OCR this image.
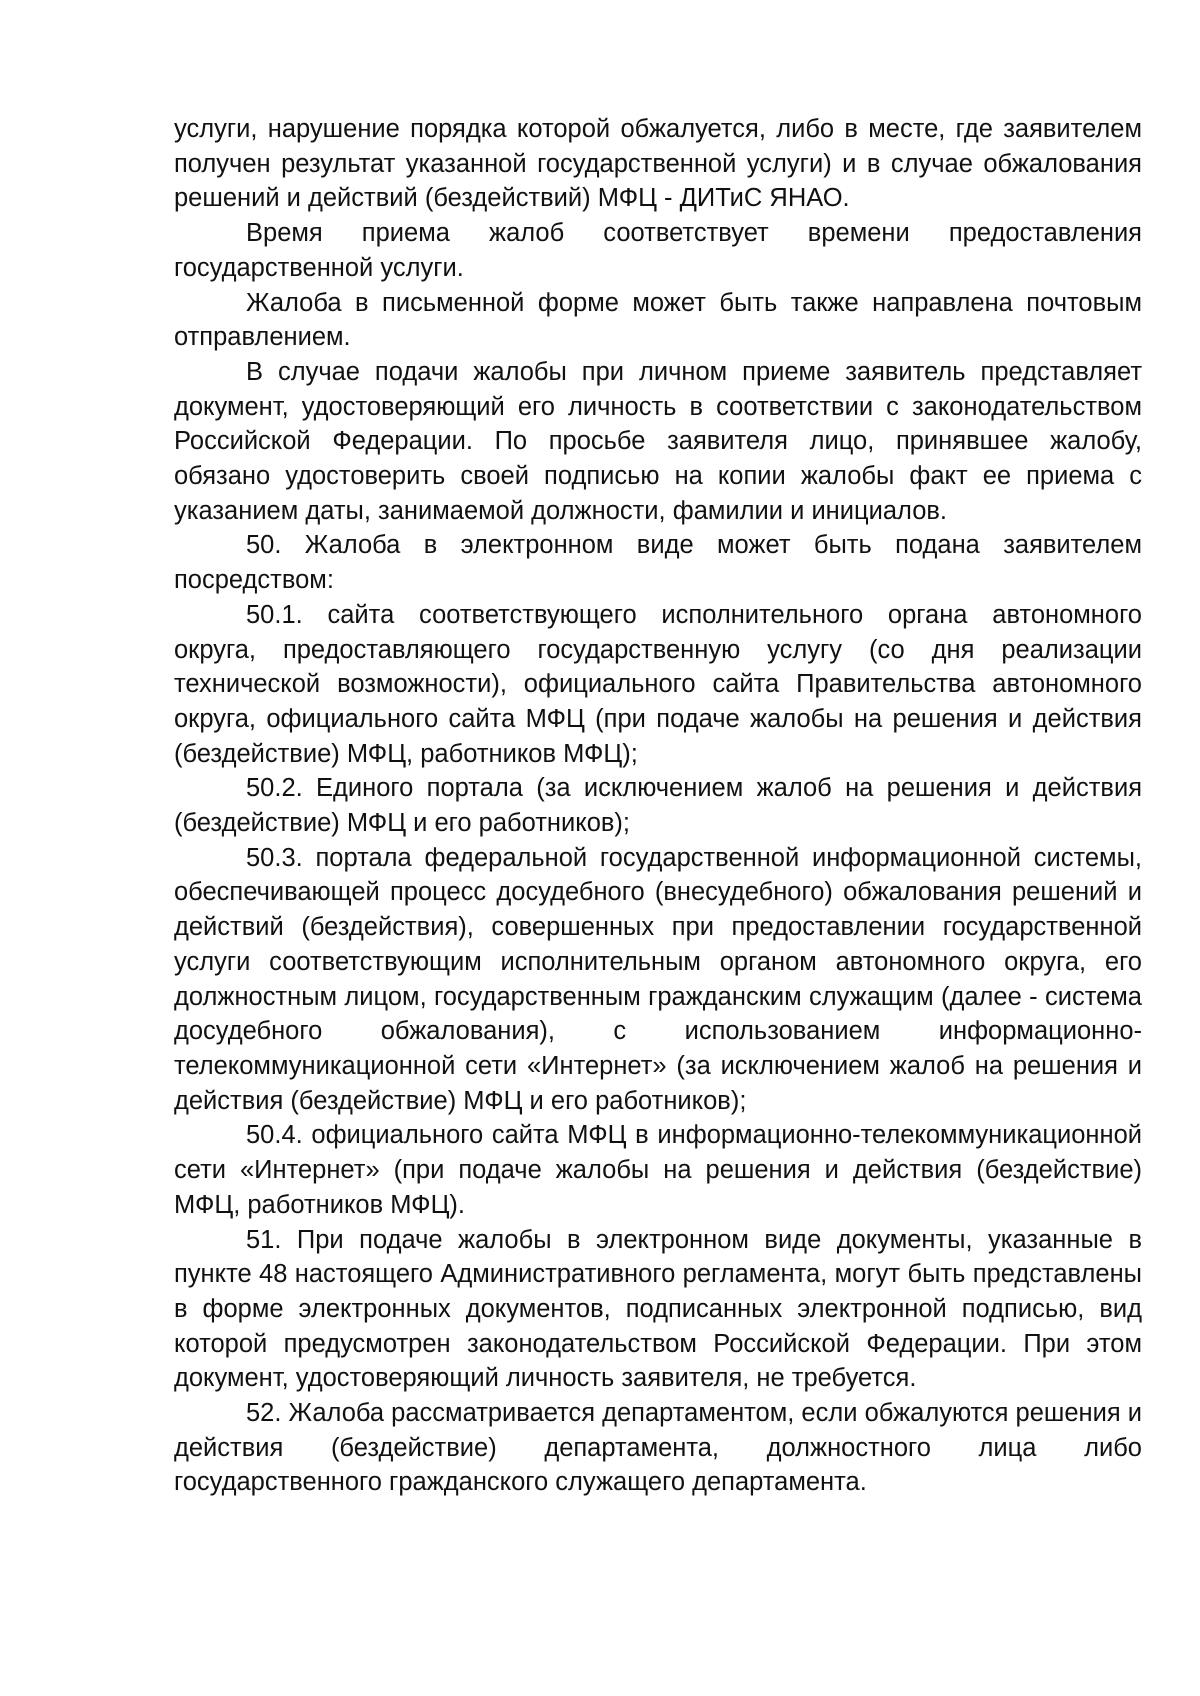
услуги, нарушение порядка которой обжалуется, либо в месте, где заявителем получен результат указанной государственной услуги) и в случае обжалования решений и действий (бездействий) МФЦ - ДИТиС ЯНАО.

Время приема жалоб соответствует времени предоставления государственной услуги.

Жалоба в письменной форме может быть также направлена почтовым отправлением.

В случае подачи жалобы при личном приеме заявитель представляет документ, удостоверяющий его личность в соответствии с законодательством Российской Федерации. По просьбе заявителя лицо, принявшее жалобу, обязано удостоверить своей подписью на копии жалобы факт ее приема с указанием даты, занимаемой должности, фамилии и инициалов.

50. Жалоба в электронном виде может быть подана заявителем посредством:

50.1. сайта соответствующего исполнительного органа автономного округа, предоставляющего государственную услугу (со дня реализации технической возможности), официального сайта Правительства автономного округа, официального сайта МФЦ (при подаче жалобы на решения и действия (бездействие) МФЦ, работников МФЦ);

50.2. Единого портала (за исключением жалоб на решения и действия (бездействие) МФЦ и его работников);

50.3. портала федеральной государственной информационной системы, обеспечивающей процесс досудебного (внесудебного) обжалования решений и действий (бездействия), совершенных при предоставлении государственной услуги соответствующим исполнительным органом автономного округа, его должностным лицом, государственным гражданским служащим (далее - система досудебного обжалования), с использованием информационно-телекоммуникационной сети «Интернет» (за исключением жалоб на решения и действия (бездействие) МФЦ и его работников);

50.4. официального сайта МФЦ в информационно-телекоммуникационной сети «Интернет» (при подаче жалобы на решения и действия (бездействие) МФЦ, работников МФЦ).

51. При подаче жалобы в электронном виде документы, указанные в пункте 48 настоящего Административного регламента, могут быть представлены в форме электронных документов, подписанных электронной подписью, вид которой предусмотрен законодательством Российской Федерации. При этом документ, удостоверяющий личность заявителя, не требуется.

52. Жалоба рассматривается департаментом, если обжалуются решения и действия (бездействие) департамента, должностного лица либо государственного гражданского служащего департамента.
